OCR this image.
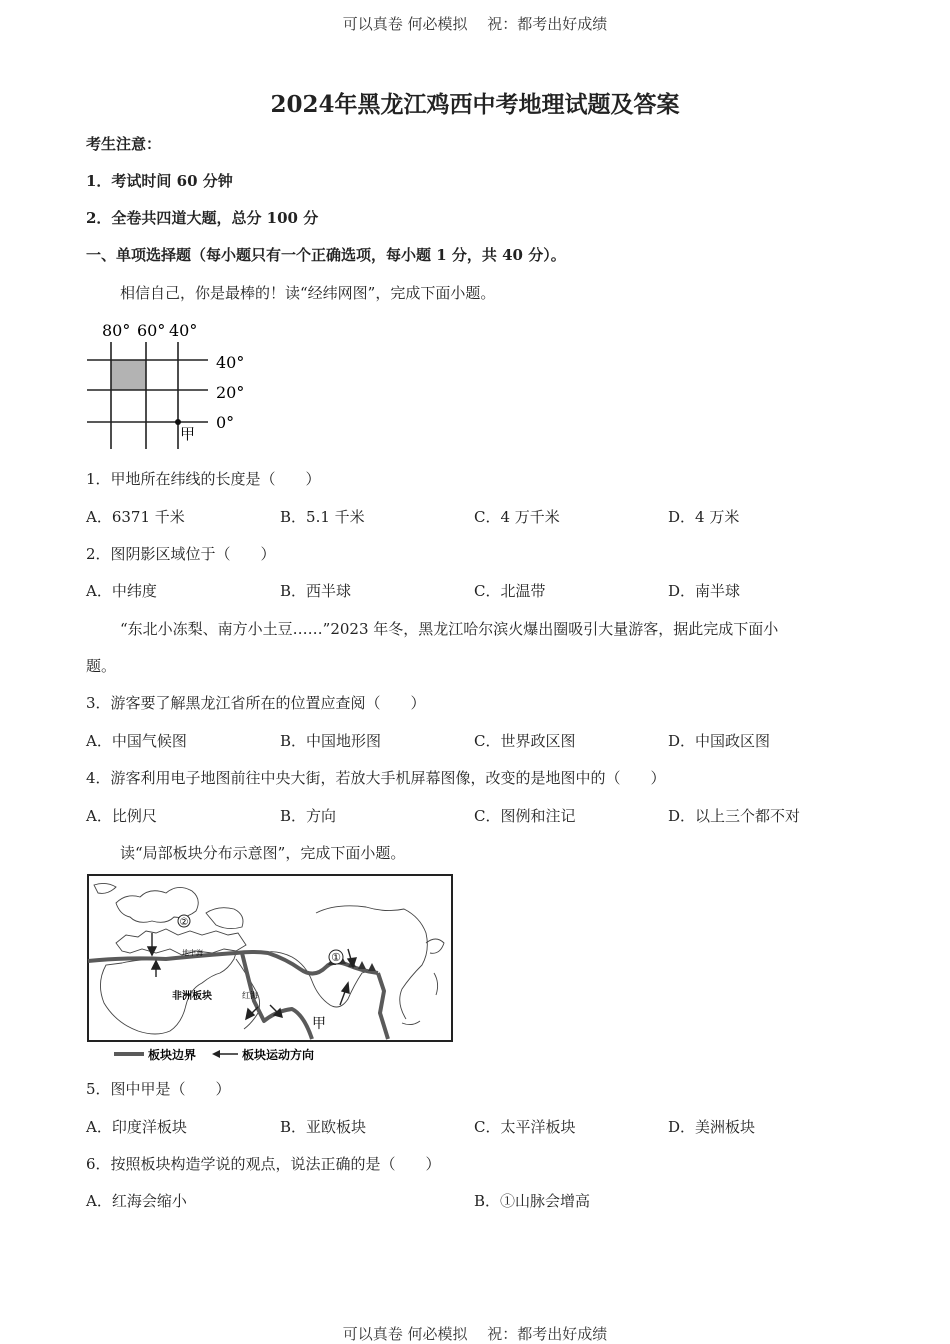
可以真卷 何必模拟　 祝：都考出好成绩
2024年黑龙江鸡西中考地理试题及答案
考生注意：
1．考试时间 60 分钟
2．全卷共四道大题，总分 100 分
一、单项选择题（每小题只有一个正确选项，每小题 1 分，共 40 分）。
相信自己，你是最棒的！读“经纬网图”，完成下面小题。
80° 60° 40°
40°
20°
0°
甲
1．甲地所在纬线的长度是（　　）
A．6371 千米	B．5.1 千米	C．4 万千米	D．4 万米
2．图阴影区域位于（　　）
A．中纬度	B．西半球	C．北温带	D．南半球
“东北小冻梨、南方小土豆……”2023 年冬，黑龙江哈尔滨火爆出圈吸引大量游客，据此完成下面小
题。
3．游客要了解黑龙江省所在的位置应查阅（　　）
A．中国气候图	B．中国地形图	C．世界政区图	D．中国政区图
4．游客利用电子地图前往中央大街，若放大手机屏幕图像，改变的是地图中的（　　）
A．比例尺	B．方向	C．图例和注记	D．以上三个都不对
读“局部板块分布示意图”，完成下面小题。
②
①
非洲板块	红海
地中海
甲
板块边界	板块运动方向
5．图中甲是（　　）
A．印度洋板块	B．亚欧板块	C．太平洋板块	D．美洲板块
6．按照板块构造学说的观点，说法正确的是（　　）
A．红海会缩小	B．①山脉会增高
可以真卷 何必模拟　 祝：都考出好成绩
